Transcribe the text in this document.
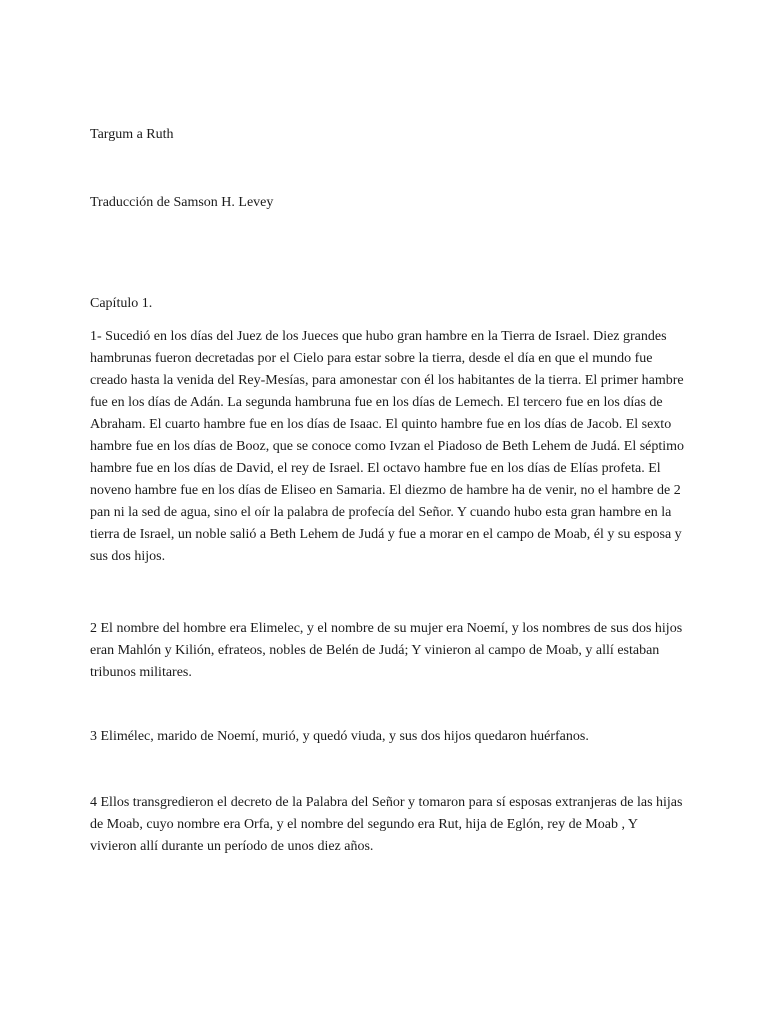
Targum a Ruth
Traducción de Samson H. Levey
Capítulo 1.

1- Sucedió en los días del Juez de los Jueces que hubo gran hambre en la Tierra de Israel. Diez grandes hambrunas fueron decretadas por el Cielo para estar sobre la tierra, desde el día en que el mundo fue creado hasta la venida del Rey-Mesías, para amonestar con él los habitantes de la tierra. El primer hambre fue en los días de Adán. La segunda hambruna fue en los días de Lemech. El tercero fue en los días de Abraham. El cuarto hambre fue en los días de Isaac. El quinto hambre fue en los días de Jacob. El sexto hambre fue en los días de Booz, que se conoce como Ivzan el Piadoso de Beth Lehem de Judá. El séptimo hambre fue en los días de David, el rey de Israel. El octavo hambre fue en los días de Elías profeta. El noveno hambre fue en los días de Eliseo en Samaria. El diezmo de hambre ha de venir, no el hambre de 2 pan ni la sed de agua, sino el oír la palabra de profecía del Señor. Y cuando hubo esta gran hambre en la tierra de Israel, un noble salió a Beth Lehem de Judá y fue a morar en el campo de Moab, él y su esposa y sus dos hijos.

2 El nombre del hombre era Elimelec, y el nombre de su mujer era Noemí, y los nombres de sus dos hijos eran Mahlón y Kilión, efrateos, nobles de Belén de Judá; Y vinieron al campo de Moab, y allí estaban tribunos militares.

3 Elimélec, marido de Noemí, murió, y quedó viuda, y sus dos hijos quedaron huérfanos.

4 Ellos transgredieron el decreto de la Palabra del Señor y tomaron para sí esposas extranjeras de las hijas de Moab, cuyo nombre era Orfa, y el nombre del segundo era Rut, hija de Eglón, rey de Moab , Y vivieron allí durante un período de unos diez años.
